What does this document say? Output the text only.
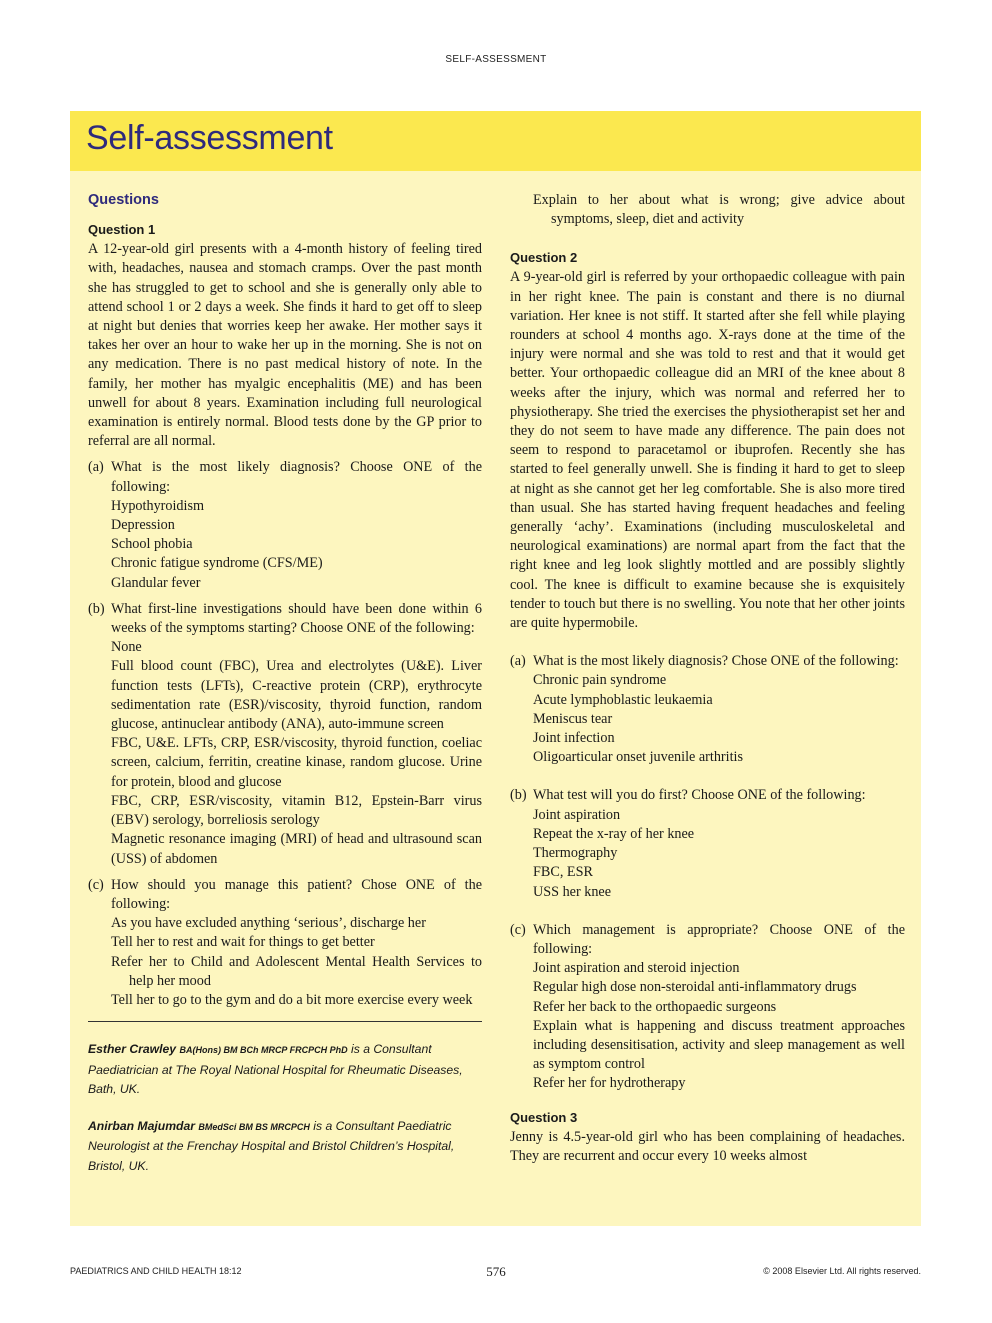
SELF-ASSESSMENT
Self-assessment
Questions
Question 1

A 12-year-old girl presents with a 4-month history of feeling tired with, headaches, nausea and stomach cramps. Over the past month she has struggled to get to school and she is generally only able to attend school 1 or 2 days a week. She finds it hard to get off to sleep at night but denies that worries keep her awake. Her mother says it takes her over an hour to wake her up in the morning. She is not on any medication. There is no past medical history of note. In the family, her mother has myalgic encephalitis (ME) and has been unwell for about 8 years. Examination including full neurological examination is entirely normal. Blood tests done by the GP prior to referral are all normal.

(a) What is the most likely diagnosis? Choose ONE of the following:

Hypothyroidism

Depression

School phobia

Chronic fatigue syndrome (CFS/ME)

Glandular fever

(b) What first-line investigations should have been done within 6 weeks of the symptoms starting? Choose ONE of the following:

None

Full blood count (FBC), Urea and electrolytes (U&E). Liver function tests (LFTs), C-reactive protein (CRP), erythrocyte sedimentation rate (ESR)/viscosity, thyroid function, random glucose, antinuclear antibody (ANA), auto-immune screen

FBC, U&E. LFTs, CRP, ESR/viscosity, thyroid function, coeliac screen, calcium, ferritin, creatine kinase, random glucose. Urine for protein, blood and glucose

FBC, CRP, ESR/viscosity, vitamin B12, Epstein-Barr virus (EBV) serology, borreliosis serology

Magnetic resonance imaging (MRI) of head and ultrasound scan (USS) of abdomen

(c) How should you manage this patient? Chose ONE of the following:

As you have excluded anything ‘serious’, discharge her

Tell her to rest and wait for things to get better

Refer her to Child and Adolescent Mental Health Services to help her mood

Tell her to go to the gym and do a bit more exercise every week

Esther Crawley BA(Hons) BM BCh MRCP FRCPCH PhD is a Consultant Paediatrician at The Royal National Hospital for Rheumatic Diseases, Bath, UK.

Anirban Majumdar BMedSci BM BS MRCPCH is a Consultant Paediatric Neurologist at the Frenchay Hospital and Bristol Children’s Hospital, Bristol, UK.

Explain to her about what is wrong; give advice about symptoms, sleep, diet and activity

Question 2

A 9-year-old girl is referred by your orthopaedic colleague with pain in her right knee. The pain is constant and there is no diurnal variation. Her knee is not stiff. It started after she fell while playing rounders at school 4 months ago. X-rays done at the time of the injury were normal and she was told to rest and that it would get better. Your orthopaedic colleague did an MRI of the knee about 8 weeks after the injury, which was normal and referred her to physiotherapy. She tried the exercises the physiotherapist set her and they do not seem to have made any difference. The pain does not seem to respond to paracetamol or ibuprofen. Recently she has started to feel generally unwell. She is finding it hard to get to sleep at night as she cannot get her leg comfortable. She is also more tired than usual. She has started having frequent headaches and feeling generally ‘achy’. Examinations (including musculoskeletal and neurological examinations) are normal apart from the fact that the right knee and leg look slightly mottled and are possibly slightly cool. The knee is difficult to examine because she is exquisitely tender to touch but there is no swelling. You note that her other joints are quite hypermobile.

(a) What is the most likely diagnosis? Chose ONE of the following:

Chronic pain syndrome

Acute lymphoblastic leukaemia

Meniscus tear

Joint infection

Oligoarticular onset juvenile arthritis

(b) What test will you do first? Choose ONE of the following:

Joint aspiration

Repeat the x-ray of her knee

Thermography

FBC, ESR

USS her knee

(c) Which management is appropriate? Choose ONE of the following:

Joint aspiration and steroid injection

Regular high dose non-steroidal anti-inflammatory drugs

Refer her back to the orthopaedic surgeons

Explain what is happening and discuss treatment approaches including desensitisation, activity and sleep management as well as symptom control

Refer her for hydrotherapy

Question 3

Jenny is 4.5-year-old girl who has been complaining of headaches. They are recurrent and occur every 10 weeks almost

PAEDIATRICS AND CHILD HEALTH 18:12	576	© 2008 Elsevier Ltd. All rights reserved.
